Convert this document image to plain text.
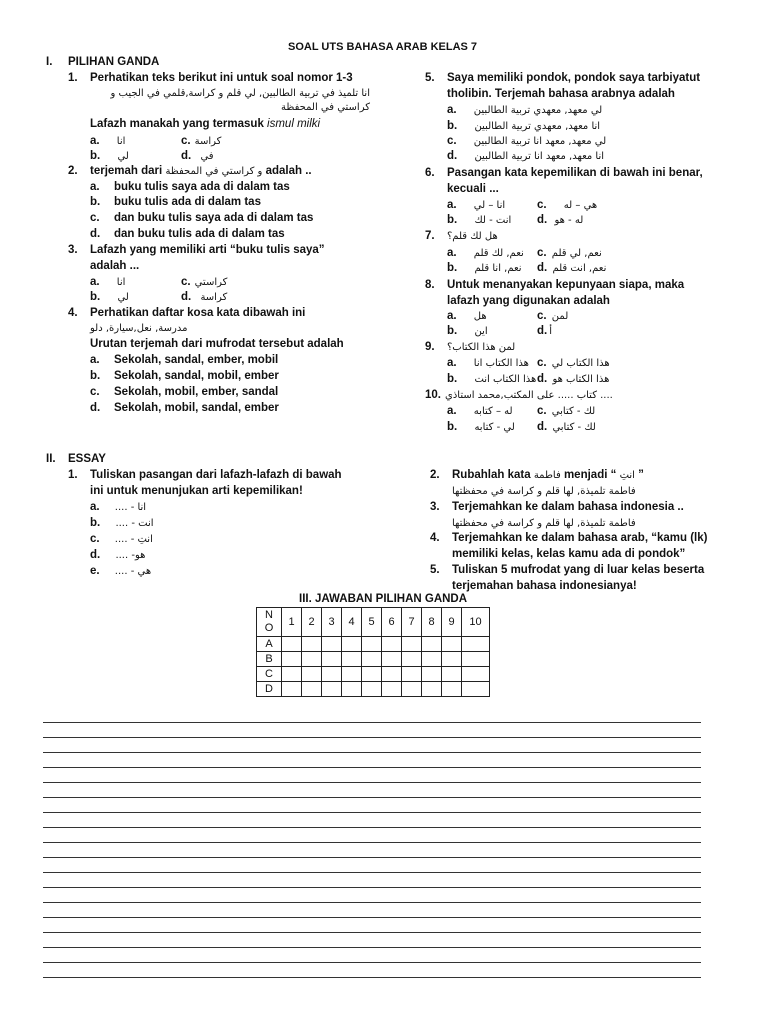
SOAL UTS BAHASA ARAB KELAS 7
I. PILIHAN GANDA
1. Perhatikan teks berikut ini untuk soal nomor 1-3
انا تلميذ في تربية الطالبين, لي قلم و كراسة,قلمي في الجيب و
كراستي في المحفظة
Lafazh manakah yang termasuk ismul milki
a. انا	c. كراسة
b. لي	d. في
2. terjemah dari و كراستي في المحفظة adalah ..
a. buku tulis saya ada di dalam tas
b. buku tulis ada di dalam tas
c. dan buku tulis saya ada di dalam tas
d. dan buku tulis ada di dalam tas
3. Lafazh yang memiliki arti “buku tulis saya”
adalah ...
a. انا	c. كراستي
b. لي	d. كراسة
4. Perhatikan daftar kosa kata dibawah ini
مدرسة, نعل,سيارة, دلو
Urutan terjemah dari mufrodat tersebut adalah
a. Sekolah, sandal, ember, mobil
b. Sekolah, sandal, mobil, ember
c. Sekolah, mobil, ember, sandal
d. Sekolah, mobil, sandal, ember
5. Saya memiliki pondok, pondok saya tarbiyatut
tholibin. Terjemah bahasa arabnya adalah
a. لي معهد, معهدي تربية الطالبين
b. انا معهد, معهدي تربية الطالبين
c. لي معهد, معهد انا تربية الطالبين
d. انا معهد, معهد انا تربية الطالبين
6. Pasangan kata kepemilikan di bawah ini benar,
kecuali ...
a. انا – لي	c. هي – له
b. انت - لك d. له - هو
7. هل لك قلم؟
a. نعم, لك قلم c. نعم, لي قلم
b. نعم, انا قلم d. نعم, انت قلم
8. Untuk menanyakan kepunyaan siapa, maka
lafazh yang digunakan adalah
a. هل	c. لمن
b. اين	d. أ
9. لمن هذا الكتاب؟
a. هذا الكتاب انا c. هذا الكتاب لي
b. هذا الكتاب انت d. هذا الكتاب هو
10. .... كتاب ..... على المكتب,محمد استاذي
a. له – كتابه c. لك - كتابي
b. لي - كتابه d. لك - كتابي
II. ESSAY
1. Tuliskan pasangan dari lafazh-lafazh di bawah
ini untuk menunjukan arti kepemilikan!
a. انا - ....
b. انت - ....
c. انتِ - ....
d. هو- ....
e. هي - ....
2. Rubahlah kata فاطمة menjadi “ انتِ ”
فاطمة تلميذة, لها قلم و كراسة في محفظتها
3. Terjemahkan ke dalam bahasa indonesia ..
فاطمة تلميذة, لها قلم و كراسة في محفظتها
4. Terjemahkan ke dalam bahasa arab, “kamu (lk)
memiliki kelas, kelas kamu ada di pondok”
5. Tuliskan 5 mufrodat yang di luar kelas beserta
terjemahan bahasa indonesianya!
III. JAWABAN PILIHAN GANDA
N
O	1	2	3	4	5	6	7	8	9	10
A										
B										
C										
D										
